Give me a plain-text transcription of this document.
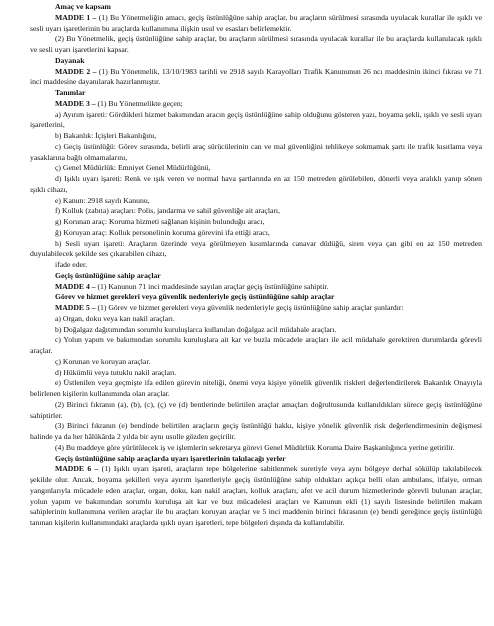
Amaç ve kapsam

MADDE 1 – (1) Bu Yönetmeliğin amacı, geçiş üstünlüğüne sahip araçlar, bu araçların sürülmesi sırasında uyulacak kurallar ile ışıklı ve sesli uyarı işaretlerinin bu araçlarda kullanımına ilişkin usul ve esasları belirlemektir.

(2) Bu Yönetmelik, geçiş üstünlüğüne sahip araçlar, bu araçların sürülmesi sırasında uyulacak kurallar ile bu araçlarda kullanılacak ışıklı ve sesli uyarı işaretlerini kapsar.

Dayanak

MADDE 2 – (1) Bu Yönetmelik, 13/10/1983 tarihli ve 2918 sayılı Karayolları Trafik Kanununun 26 ncı maddesinin ikinci fıkrası ve 71 inci maddesine dayanılarak hazırlanmıştır.

Tanımlar

MADDE 3 – (1) Bu Yönetmelikte geçen;

a) Ayırım işareti: Gördükleri hizmet bakımından aracın geçiş üstünlüğüne sahip olduğunu gösteren yazı, boyama şekli, ışıklı ve sesli uyarı işaretlerini,

b) Bakanlık: İçişleri Bakanlığını,

c) Geçiş üstünlüğü: Görev sırasında, belirli araç sürücülerinin can ve mal güvenliğini tehlikeye sokmamak şartı ile trafik kısıtlama veya yasaklarına bağlı olmamalarını,

ç) Genel Müdürlük: Emniyet Genel Müdürlüğünü,

d) Işıklı uyarı işareti: Renk ve ışık veren ve normal hava şartlarında en az 150 metreden görülebilen, dönerli veya aralıklı yanıp sönen ışıklı cihazı,

e) Kanun: 2918 sayılı Kanunu,

f) Kolluk (zabıta) araçları: Polis, jandarma ve sahil güvenliğe ait araçları,

g) Korunan araç: Koruma hizmeti sağlanan kişinin bulunduğu aracı,

ğ) Koruyan araç: Kolluk personelinin koruma görevini ifa ettiği aracı,

h) Sesli uyarı işareti: Araçların üzerinde veya görülmeyen kısımlarında canavar düdüğü, siren veya çan gibi en az 150 metreden duyulabilecek şekilde ses çıkarabilen cihazı,

ifade eder.

Geçiş üstünlüğüne sahip araçlar

MADDE 4 – (1) Kanunun 71 inci maddesinde sayılan araçlar geçiş üstünlüğüne sahiptir.

Görev ve hizmet gerekleri veya güvenlik nedenleriyle geçiş üstünlüğüne sahip araçlar

MADDE 5 – (1) Görev ve hizmet gerekleri veya güvenlik nedenleriyle geçiş üstünlüğüne sahip araçlar şunlardır:

a) Organ, doku veya kan nakil araçları.

b) Doğalgaz dağıtımından sorumlu kuruluşlarca kullanılan doğalgaz acil müdahale araçları.

c) Yolun yapım ve bakımından sorumlu kuruluşlara ait kar ve buzla mücadele araçları ile acil müdahale gerektiren durumlarda görevli araçlar.

ç) Korunan ve koruyan araçlar.

d) Hükümlü veya tutuklu nakil araçları.

e) Üstlenilen veya geçmişte ifa edilen görevin niteliği, önemi veya kişiye yönelik güvenlik riskleri değerlendirilerek Bakanlık Onayıyla belirlenen kişilerin kullanımında olan araçlar.

(2) Birinci fıkranın (a), (b), (c), (ç) ve (d) bentlerinde belirtilen araçlar amaçları doğrultusunda kullanıldıkları sürece geçiş üstünlüğüne sahiptirler.

(3) Birinci fıkranın (e) bendinde belirtilen araçların geçiş üstünlüğü hakkı, kişiye yönelik güvenlik risk değerlendirmesinin değişmesi halinde ya da her hâlükârda 2 yılda bir aynı usulle gözden geçirilir.

(4) Bu maddeye göre yürütülecek iş ve işlemlerin sekretarya görevi Genel Müdürlük Koruma Daire Başkanlığınca yerine getirilir.

Geçiş üstünlüğüne sahip araçlarda uyarı işaretlerinin takılacağı yerler

MADDE 6 – (1) Işıklı uyarı işareti, araçların tepe bölgelerine sabitlenmek suretiyle veya aynı bölgeye derhal sökülüp takılabilecek şekilde olur. Ancak, boyama şekilleri veya ayırım işaretleriyle geçiş üstünlüğüne sahip oldukları açıkça belli olan ambulans, itfaiye, orman yangınlarıyla mücadele eden araçlar, organ, doku, kan nakil araçları, kolluk araçları, afet ve acil durum hizmetlerinde görevli bulunan araçlar, yolun yapım ve bakımından sorumlu kuruluşa ait kar ve buz mücadelesi araçları ve Kanunun ekli (1) sayılı listesinde belirtilen makam sahiplerinin kullanımına verilen araçlar ile bu araçları koruyan araçlar ve 5 inci maddenin birinci fıkrasının (e) bendi gereğince geçiş üstünlüğü tanınan kişilerin kullanımındaki araçlarda ışıklı uyarı işaretleri, tepe bölgeleri dışında da kullanılabilir.
